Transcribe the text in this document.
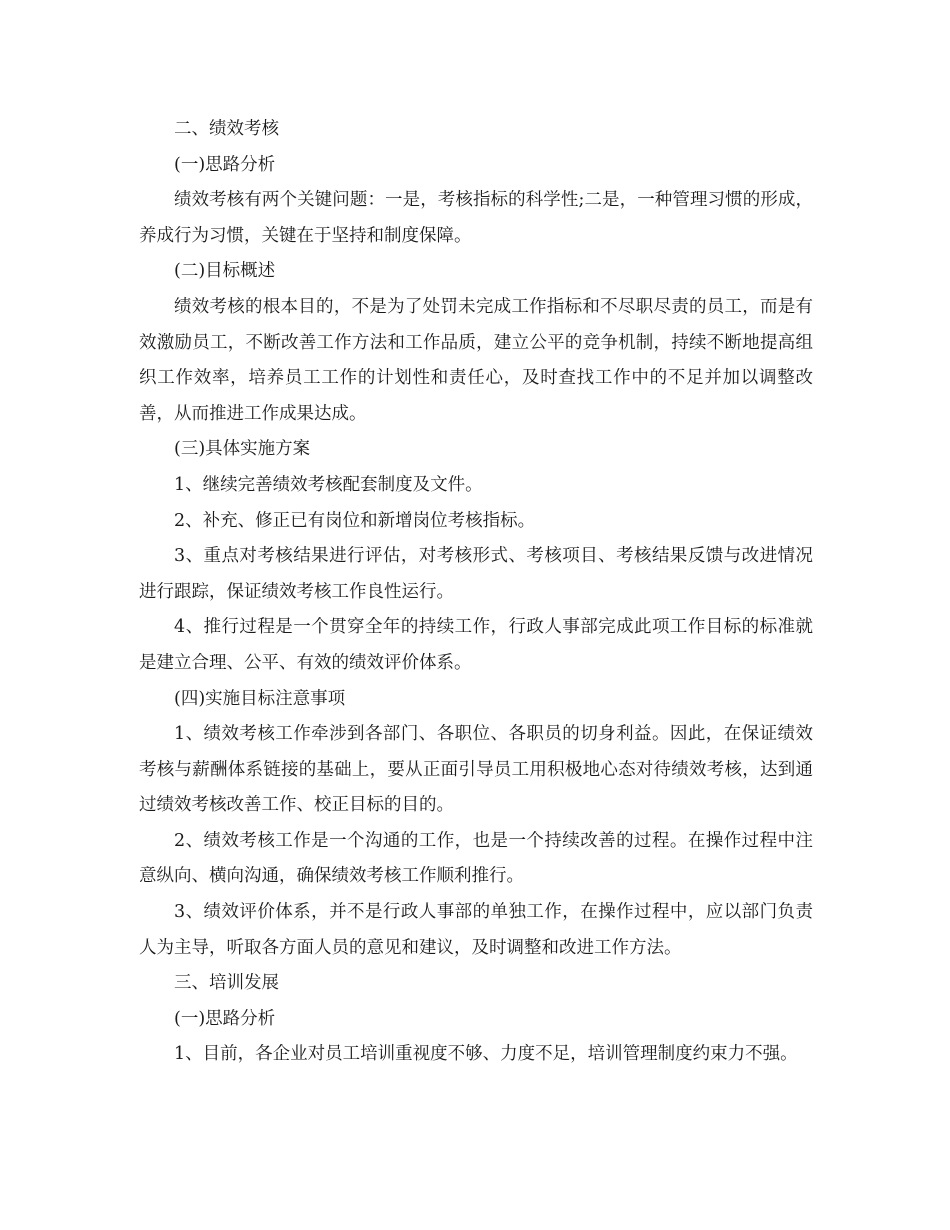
二、绩效考核

(一)思路分析

绩效考核有两个关键问题：一是，考核指标的科学性;二是，一种管理习惯的形成，养成行为习惯，关键在于坚持和制度保障。

(二)目标概述

绩效考核的根本目的，不是为了处罚未完成工作指标和不尽职尽责的员工，而是有效激励员工，不断改善工作方法和工作品质，建立公平的竞争机制，持续不断地提高组织工作效率，培养员工工作的计划性和责任心，及时查找工作中的不足并加以调整改善，从而推进工作成果达成。

(三)具体实施方案

1、继续完善绩效考核配套制度及文件。

2、补充、修正已有岗位和新增岗位考核指标。

3、重点对考核结果进行评估，对考核形式、考核项目、考核结果反馈与改进情况进行跟踪，保证绩效考核工作良性运行。

4、推行过程是一个贯穿全年的持续工作，行政人事部完成此项工作目标的标准就是建立合理、公平、有效的绩效评价体系。

(四)实施目标注意事项

1、绩效考核工作牵涉到各部门、各职位、各职员的切身利益。因此，在保证绩效考核与薪酬体系链接的基础上，要从正面引导员工用积极地心态对待绩效考核，达到通过绩效考核改善工作、校正目标的目的。

2、绩效考核工作是一个沟通的工作，也是一个持续改善的过程。在操作过程中注意纵向、横向沟通，确保绩效考核工作顺利推行。

3、绩效评价体系，并不是行政人事部的单独工作，在操作过程中，应以部门负责人为主导，听取各方面人员的意见和建议，及时调整和改进工作方法。

三、培训发展

(一)思路分析

1、目前，各企业对员工培训重视度不够、力度不足，培训管理制度约束力不强。
